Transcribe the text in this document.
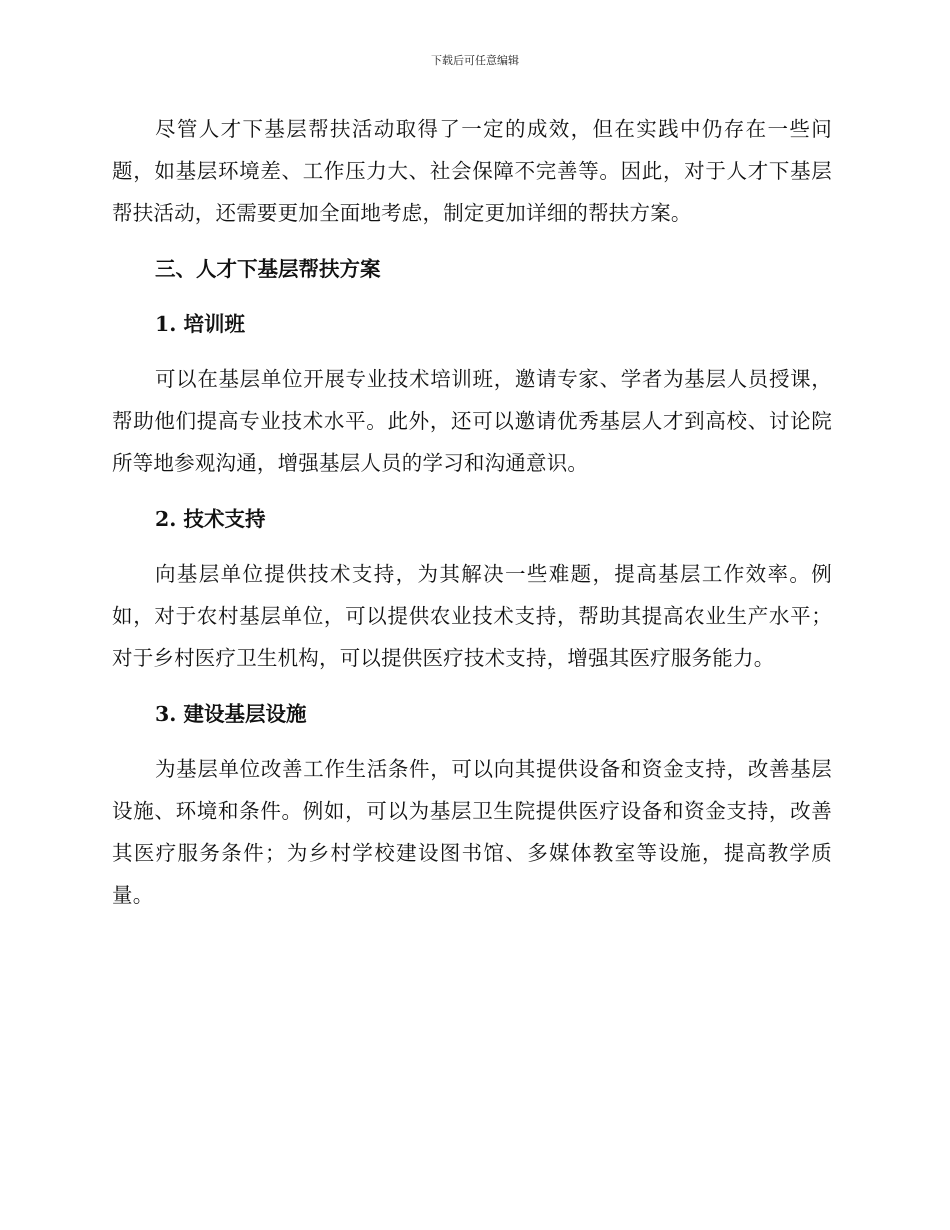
下载后可任意编辑

尽管人才下基层帮扶活动取得了一定的成效，但在实践中仍存在一些问题，如基层环境差、工作压力大、社会保障不完善等。因此，对于人才下基层帮扶活动，还需要更加全面地考虑，制定更加详细的帮扶方案。

三、人才下基层帮扶方案

1. 培训班

可以在基层单位开展专业技术培训班，邀请专家、学者为基层人员授课，帮助他们提高专业技术水平。此外，还可以邀请优秀基层人才到高校、讨论院所等地参观沟通，增强基层人员的学习和沟通意识。

2. 技术支持

向基层单位提供技术支持，为其解决一些难题，提高基层工作效率。例如，对于农村基层单位，可以提供农业技术支持，帮助其提高农业生产水平；对于乡村医疗卫生机构，可以提供医疗技术支持，增强其医疗服务能力。

3. 建设基层设施

为基层单位改善工作生活条件，可以向其提供设备和资金支持，改善基层设施、环境和条件。例如，可以为基层卫生院提供医疗设备和资金支持，改善其医疗服务条件；为乡村学校建设图书馆、多媒体教室等设施，提高教学质量。
